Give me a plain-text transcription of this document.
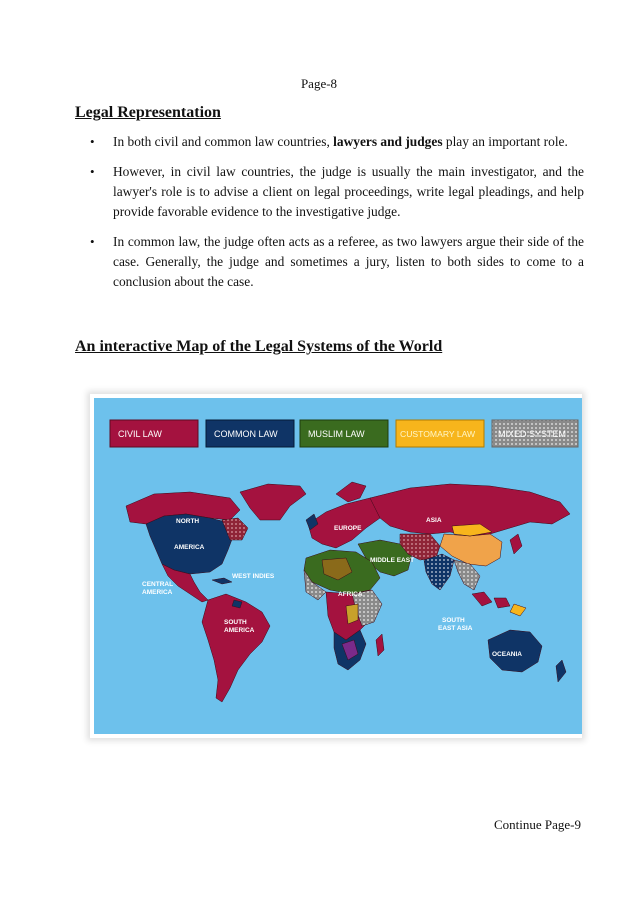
Page-8
Legal Representation
• In both civil and common law countries, lawyers and judges play an important role.
• However, in civil law countries, the judge is usually the main investigator, and the lawyer's role is to advise a client on legal proceedings, write legal pleadings, and help provide favorable evidence to the investigative judge.
• In common law, the judge often acts as a referee, as two lawyers argue their side of the case. Generally, the judge and sometimes a jury, listen to both sides to come to a conclusion about the case.
An interactive Map of the Legal Systems of the World
CIVIL LAW	COMMON LAW	MUSLIM LAW	CUSTOMARY LAW	MIXED SYSTEM
NORTH
AMERICA
CENTRAL
AMERICA
WEST INDIES
SOUTH
AMERICA
EUROPE
ASIA
MIDDLE EAST
AFRICA
SOUTH
EAST ASIA
OCEANIA
Continue Page-9
